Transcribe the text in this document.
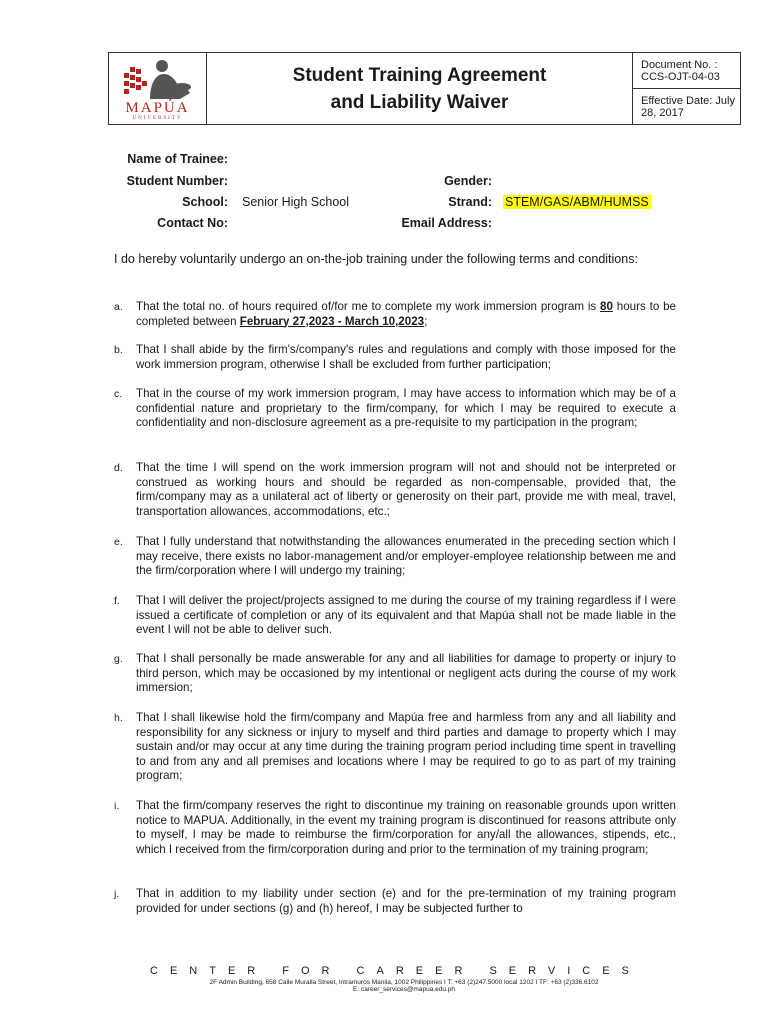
MAPÚA
UNIVERSITY
Student Training Agreement
and Liability Waiver
Document No. : CCS-OJT-04-03
Effective Date: July 28, 2017
Name of Trainee:
Student Number:	Gender:
School: Senior High School	Strand: STEM/GAS/ABM/HUMSS
Contact No:	Email Address:
I do hereby voluntarily undergo an on-the-job training under the following terms and conditions:
a.	That the total no. of hours required of/for me to complete my work immersion program is 80 hours to be completed between February 27,2023 - March 10,2023;
b.	That I shall abide by the firm's/company's rules and regulations and comply with those imposed for the work immersion program, otherwise I shall be excluded from further participation;
c.	That in the course of my work immersion program, I may have access to information which may be of a confidential nature and proprietary to the firm/company, for which I may be required to execute a confidentiality and non-disclosure agreement as a pre-requisite to my participation in the program;
d.	That the time I will spend on the work immersion program will not and should not be interpreted or construed as working hours and should be regarded as non-compensable, provided that, the firm/company may as a unilateral act of liberty or generosity on their part, provide me with meal, travel, transportation allowances, accommodations, etc.;
e.	That I fully understand that notwithstanding the allowances enumerated in the preceding section which I may receive, there exists no labor-management and/or employer-employee relationship between me and the firm/corporation where I will undergo my training;
f.	That I will deliver the project/projects assigned to me during the course of my training regardless if I were issued a certificate of completion or any of its equivalent and that Mapúa shall not be made liable in the event I will not be able to deliver such.
g.	That I shall personally be made answerable for any and all liabilities for damage to property or injury to third person, which may be occasioned by my intentional or negligent acts during the course of my work immersion;
h.	That I shall likewise hold the firm/company and Mapúa free and harmless from any and all liability and responsibility for any sickness or injury to myself and third parties and damage to property which I may sustain and/or may occur at any time during the training program period including time spent in travelling to and from any and all premises and locations where I may be required to go to as part of my training program;
i.	That the firm/company reserves the right to discontinue my training on reasonable grounds upon written notice to MAPUA. Additionally, in the event my training program is discontinued for reasons attribute only to myself, I may be made to reimburse the firm/corporation for any/all the allowances, stipends, etc., which I received from the firm/corporation during and prior to the termination of my training program;
j.	That in addition to my liability under section (e) and for the pre-termination of my training program provided for under sections (g) and (h) hereof, I may be subjected further to
CENTER FOR CAREER SERVICES
2F Admin Building, 658 Calle Muralla Street, Intramuros Manila, 1002 Philippines I T: +63 (2)247.5000 local 1202 I TF: +63 (2)336.6102
E: career_services@mapua.edu.ph
